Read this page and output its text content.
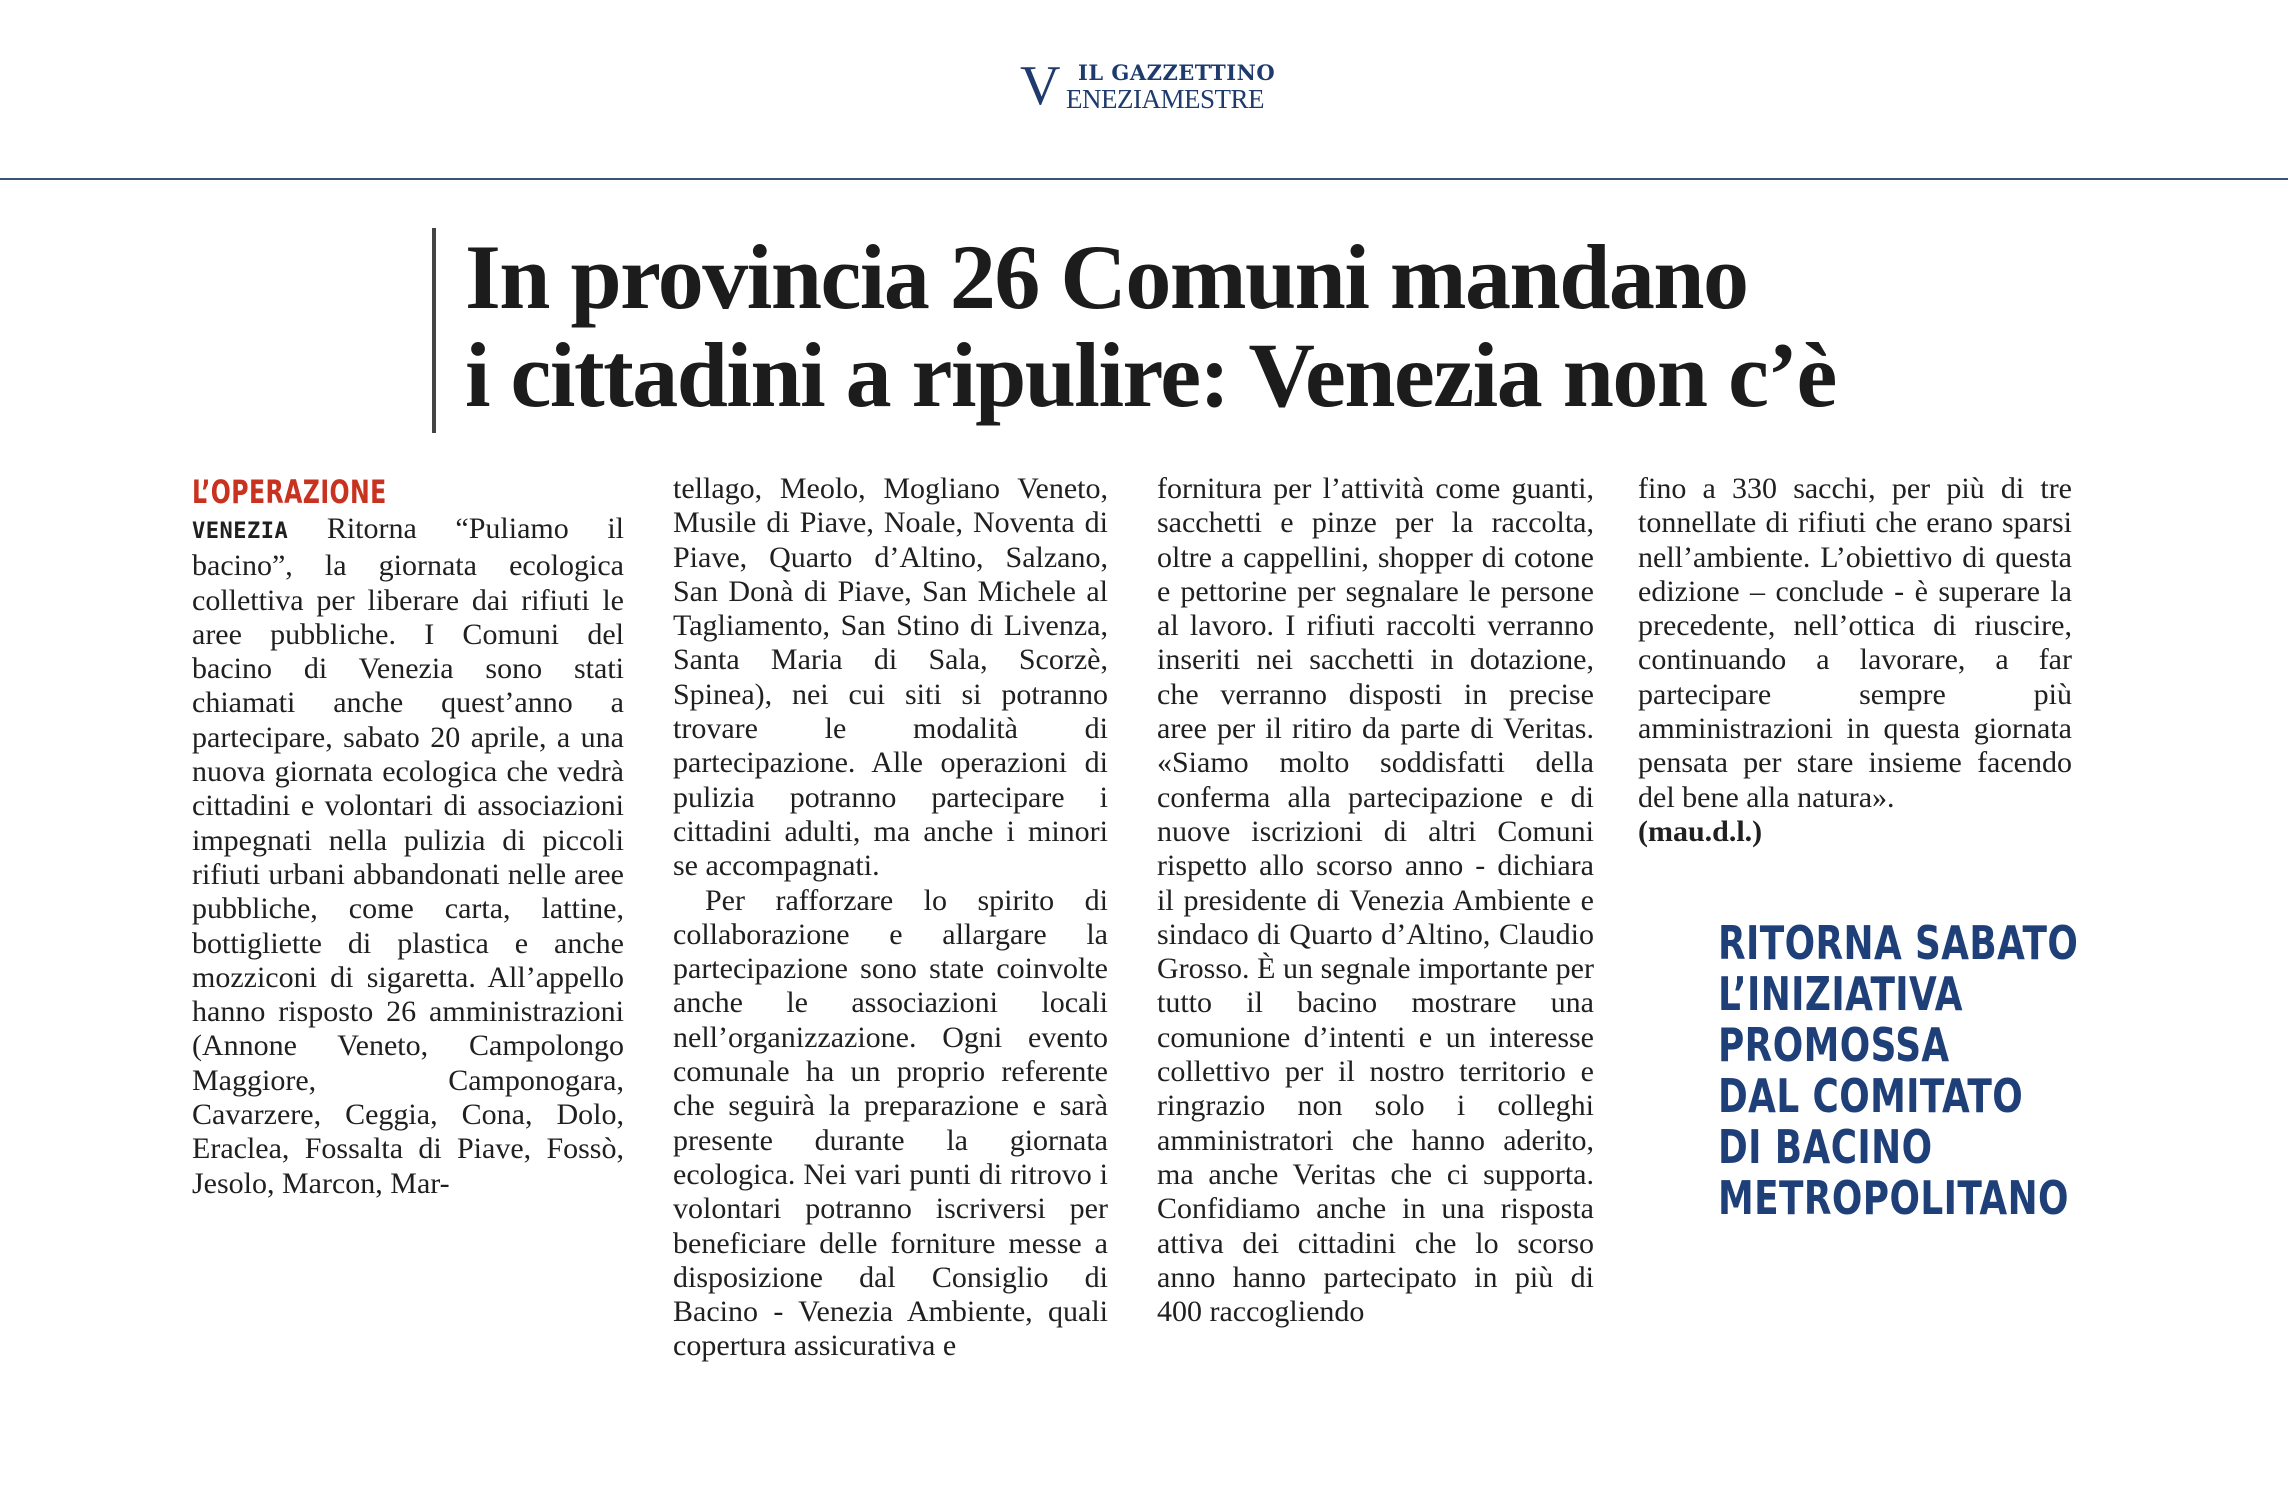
V IL GAZZETTINO
ENEZIAMESTRE
In provincia 26 Comuni mandano
i cittadini a ripulire: Venezia non c’è
L’OPERAZIONE

VENEZIA Ritorna “Puliamo il bacino”, la giornata ecologica collettiva per liberare dai rifiuti le aree pubbliche. I Comuni del bacino di Venezia sono stati chiamati anche quest’anno a partecipare, sabato 20 aprile, a una nuova giornata ecologica che vedrà cittadini e volontari di associazioni impegnati nella pulizia di piccoli rifiuti urbani abbandonati nelle aree pubbliche, come carta, lattine, bottigliette di plastica e anche mozziconi di sigaretta. All’appello hanno risposto 26 amministrazioni (Annone Veneto, Campolongo Maggiore, Camponogara, Cavarzere, Ceggia, Cona, Dolo, Eraclea, Fossalta di Piave, Fossò, Jesolo, Marcon, Mar-

tellago, Meolo, Mogliano Veneto, Musile di Piave, Noale, Noventa di Piave, Quarto d’Altino, Salzano, San Donà di Piave, San Michele al Tagliamento, San Stino di Livenza, Santa Maria di Sala, Scorzè, Spinea), nei cui siti si potranno trovare le modalità di partecipazione. Alle operazioni di pulizia potranno partecipare i cittadini adulti, ma anche i minori se accompagnati.

Per rafforzare lo spirito di collaborazione e allargare la partecipazione sono state coinvolte anche le associazioni locali nell’organizzazione. Ogni evento comunale ha un proprio referente che seguirà la preparazione e sarà presente durante la giornata ecologica. Nei vari punti di ritrovo i volontari potranno iscriversi per beneficiare delle forniture messe a disposizione dal Consiglio di Bacino - Venezia Ambiente, quali copertura assicurativa e

fornitura per l’attività come guanti, sacchetti e pinze per la raccolta, oltre a cappellini, shopper di cotone e pettorine per segnalare le persone al lavoro. I rifiuti raccolti verranno inseriti nei sacchetti in dotazione, che verranno disposti in precise aree per il ritiro da parte di Veritas. «Siamo molto soddisfatti della conferma alla partecipazione e di nuove iscrizioni di altri Comuni rispetto allo scorso anno - dichiara il presidente di Venezia Ambiente e sindaco di Quarto d’Altino, Claudio Grosso. È un segnale importante per tutto il bacino mostrare una comunione d’intenti e un interesse collettivo per il nostro territorio e ringrazio non solo i colleghi amministratori che hanno aderito, ma anche Veritas che ci supporta. Confidiamo anche in una risposta attiva dei cittadini che lo scorso anno hanno partecipato in più di 400 raccogliendo

fino a 330 sacchi, per più di tre tonnellate di rifiuti che erano sparsi nell’ambiente. L’obiettivo di questa edizione – conclude - è superare la precedente, nell’ottica di riuscire, continuando a lavorare, a far partecipare sempre più amministrazioni in questa giornata pensata per stare insieme facendo del bene alla natura».

(mau.d.l.)

RITORNA SABATO
L’INIZIATIVA
PROMOSSA
DAL COMITATO
DI BACINO
METROPOLITANO
